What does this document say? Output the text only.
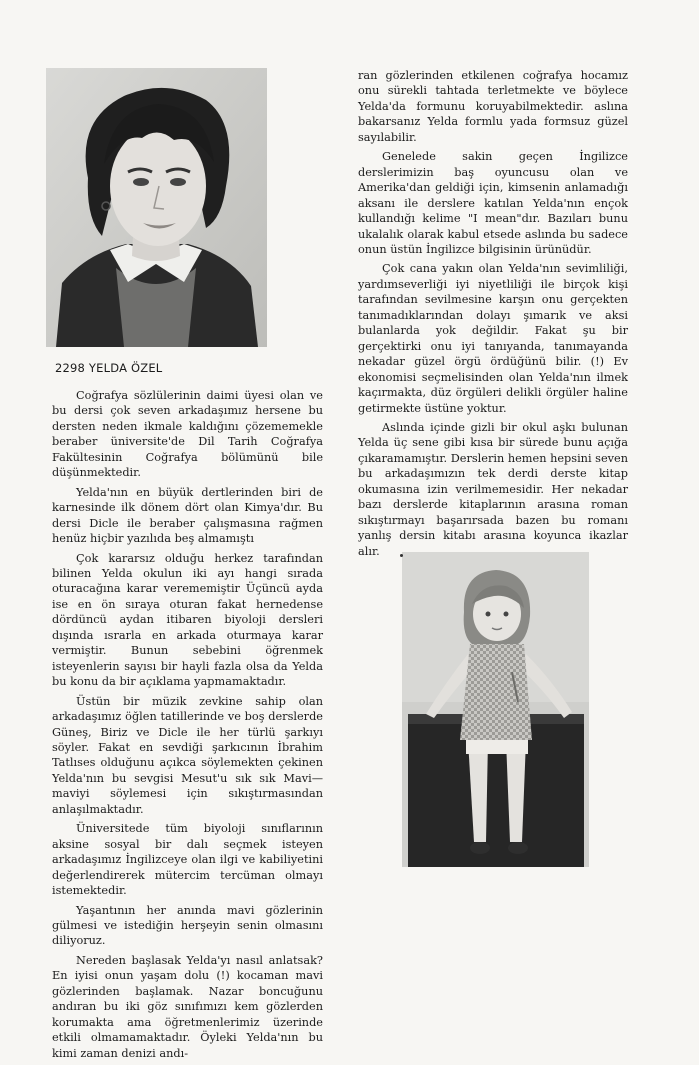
2298 YELDA ÖZEL

Coğrafya sözlülerinin daimi üyesi olan ve bu dersi çok seven arkadaşımız hersene bu dersten neden ikmale kaldığını çözememekle beraber üniversite'de Dil Tarih Coğrafya Fakültesinin Coğrafya bölümünü bile düşünmektedir.

Yelda'nın en büyük dertlerinden biri de karnesinde ilk dönem dört olan Kimya'dır. Bu dersi Dicle ile beraber çalışmasına rağmen henüz hiçbir yazılıda beş almamıştı

Çok kararsız olduğu herkez tarafından bilinen Yelda okulun iki ayı hangi sırada oturacağına karar verememiştir Üçüncü ayda ise en ön sıraya oturan fakat hernedense dördüncü aydan itibaren biyoloji dersleri dışında ısrarla en arkada oturmaya karar vermiştir. Bunun sebebini öğrenmek isteyenlerin sayısı bir hayli fazla olsa da Yelda bu konu da bir açıklama yapmamaktadır.

Üstün bir müzik zevkine sahip olan arkadaşımız öğlen tatillerinde ve boş derslerde Güneş, Biriz ve Dicle ile her türlü şarkıyı söyler. Fakat en sevdiği şarkıcının İbrahim Tatlıses olduğunu açıkca söylemekten çekinen Yelda'nın bu sevgisi Mesut'u sık sık Mavi—maviyi söylemesi için sıkıştırmasından anlaşılmaktadır.

Üniversitede tüm biyoloji sınıflarının aksine sosyal bir dalı seçmek isteyen arkadaşımız İngilizceye olan ilgi ve kabiliyetini değerlendirerek mütercim tercüman olmayı istemektedir.

Yaşantının her anında mavi gözlerinin gülmesi ve istediğin herşeyin senin olmasını diliyoruz.

Nereden başlasak Yelda'yı nasıl anlatsak? En iyisi onun yaşam dolu (!) kocaman mavi gözlerinden başlamak. Nazar boncuğunu andıran bu iki göz sınıfımızı kem gözlerden korumakta ama öğretmenlerimiz üzerinde etkili olmamamaktadır. Öyleki Yelda'nın bu kimi zaman denizi andı-

ran gözlerinden etkilenen coğrafya hocamız onu sürekli tahtada terletmekte ve böylece Yelda'da formunu koruyabilmektedir. aslına bakarsanız Yelda formlu yada formsuz güzel sayılabilir.

Genelede sakin geçen İngilizce derslerimizin baş oyuncusu olan ve Amerika'dan geldiği için, kimsenin anlamadığı aksanı ile derslere katılan Yelda'nın ençok kullandığı kelime "I mean"dır. Bazıları bunu ukalalık olarak kabul etsede aslında bu sadece onun üstün İngilizce bilgisinin ürünüdür.

Çok cana yakın olan Yelda'nın sevimliliği, yardımseverliği iyi niyetliliği ile birçok kişi tarafından sevilmesine karşın onu gerçekten tanımadıklarından dolayı şımarık ve aksi bulanlarda yok değildir. Fakat şu bir gerçektirki onu iyi tanıyanda, tanımayanda nekadar güzel örgü ördüğünü bilir. (!) Ev ekonomisi seçmelisinden olan Yelda'nın ilmek kaçırmakta, düz örgüleri delikli örgüler haline getirmekte üstüne yoktur.

Aslında içinde gizli bir okul aşkı bulunan Yelda üç sene gibi kısa bir sürede bunu açığa çıkaramamıştır. Derslerin hemen hepsini seven bu arkadaşımızın tek derdi derste kitap okumasına izin verilmemesidir. Her nekadar bazı derslerde kitaplarının arasına roman sıkıştırmayı başarırsada bazen bu romanı yanlış dersin kitabı arasına koyunca ikazlar alır.
